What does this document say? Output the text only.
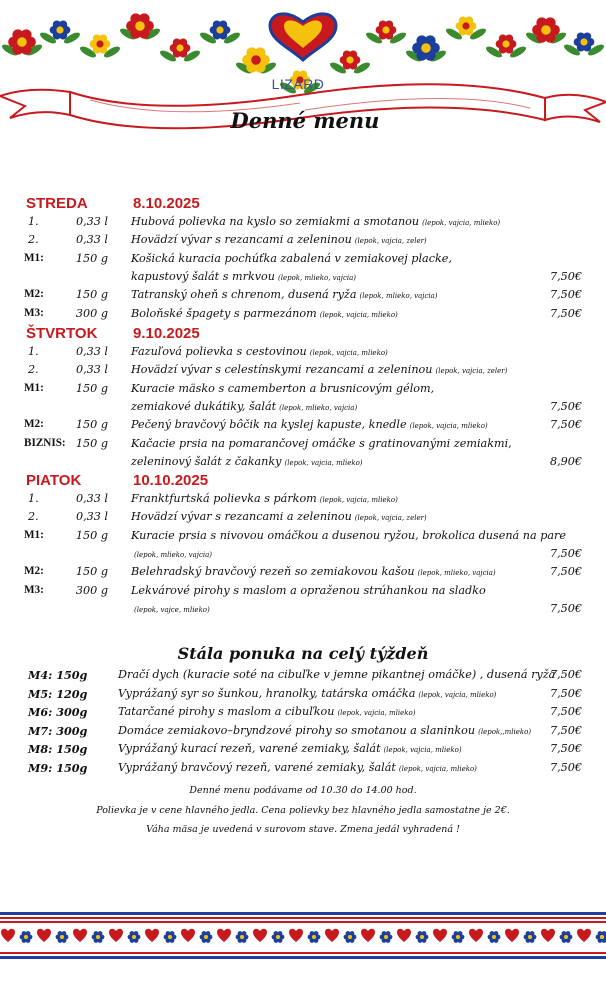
LIZARD
Denné menu
STREDA	8.10.2025
1.	0,33 l Hubová polievka na kyslo so zemiakmi a smotanou (lepok, vajcia, mlieko)
2.	0,33 l Hovädzí vývar s rezancami a zeleninou (lepok, vajcia, zeler)
M1:	150 g Košická kuracia pochúťka zabalená v zemiakovej placke,
kapustový šalát s mrkvou (lepok, mlieko, vajcia)	7,50€
M2:	150 g Tatranský oheň s chrenom, dusená ryža (lepok, mlieko, vajcia)	7,50€
M3:	300 g Boloňské špagety s parmezánom (lepok, vajcia, mlieko)	7,50€
ŠTVRTOK 9.10.2025
1.	0,33 l Fazuľová polievka s cestovinou (lepok, vajcia, mlieko)
2.	0,33 l Hovädzí vývar s celestínskymi rezancami a zeleninou (lepok, vajcia, zeler)
M1:	150 g Kuracie mäsko s camemberton a brusnicovým gélom,
zemiakové dukátiky, šalát (lepok, mlieko, vajcia)	7,50€
M2:	150 g Pečený bravčový bôčik na kyslej kapuste, knedle (lepok, vajcia, mlieko)	7,50€
BIZNIS: 150 g Kačacie prsia na pomarančovej omáčke s gratinovanými zemiakmi,
zeleninový šalát z čakanky (lepok, vajcia, mlieko)	8,90€
PIATOK	10.10.2025
1.	0,33 l Franktfurtská polievka s párkom (lepok, vajcia, mlieko)
2.	0,33 l Hovädzí vývar s rezancami a zeleninou (lepok, vajcia, zeler)
M1:	150 g Kuracie prsia s nivovou omáčkou a dusenou ryžou, brokolica dusená na pare
(lepok, mlieko, vajcia)	7,50€
M2:	150 g Belehradský bravčový rezeň so zemiakovou kašou (lepok, mlieko, vajcia)	7,50€
M3:	300 g Lekvárové pirohy s maslom a opraženou strúhankou na sladko
(lepok, vajce, mlieko)	7,50€
Stála ponuka na celý týždeň
M4: 150g	Dračí dych (kuracie soté na cibuľke v jemne pikantnej omáčke) , dusená ryža
7,50€
M5: 120g	Vyprážaný syr so šunkou, hranolky, tatárska omáčka (lepok, vajcia, mlieko)	7,50€
M6: 300g	Tatarčané pirohy s maslom a cibuľkou (lepok, vajcia, mlieko)	7,50€
M7: 300g	Domáce zemiakovo–bryndzové pirohy so smotanou a slaninkou (lepok,,mlieko) 7,50€
M8: 150g	Vyprážaný kurací rezeň, varené zemiaky, šalát (lepok, vajcia, mlieko)	7,50€
M9: 150g	Vyprážaný bravčový rezeň, varené zemiaky, šalát (lepok, vajcia, mlieko)	7,50€
Denné menu podávame od 10.30 do 14.00 hod.
Polievka je v cene hlavného jedla. Cena polievky bez hlavného jedla samostatne je 2€.
Váha mäsa je uvedená v surovom stave. Zmena jedál vyhradená !
